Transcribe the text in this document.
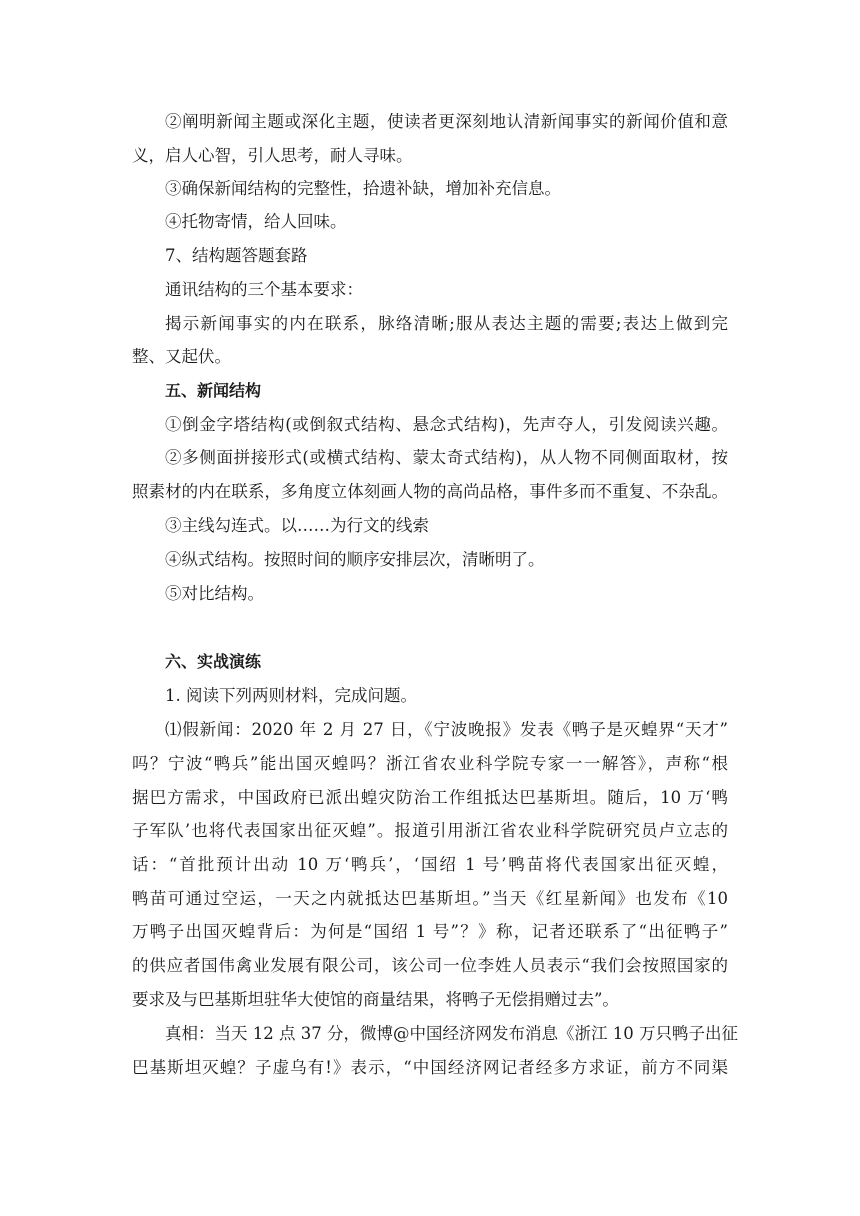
②阐明新闻主题或深化主题，使读者更深刻地认清新闻事实的新闻价值和意
义，启人心智，引人思考，耐人寻味。
③确保新闻结构的完整性，拾遗补缺，增加补充信息。
④托物寄情，给人回味。
7、结构题答题套路
通讯结构的三个基本要求：
揭示新闻事实的内在联系，脉络清晰;服从表达主题的需要;表达上做到完
整、又起伏。
五、新闻结构
①倒金字塔结构(或倒叙式结构、悬念式结构)，先声夺人，引发阅读兴趣。
②多侧面拼接形式(或横式结构、蒙太奇式结构)，从人物不同侧面取材，按
照素材的内在联系，多角度立体刻画人物的高尚品格，事件多而不重复、不杂乱。
③主线勾连式。以……为行文的线索
④纵式结构。按照时间的顺序安排层次，清晰明了。
⑤对比结构。
六、实战演练
1. 阅读下列两则材料，完成问题。
⑴假新闻：2020 年 2 月 27 日，《宁波晚报》发表《鸭子是灭蝗界“天才”
吗？宁波“鸭兵”能出国灭蝗吗？浙江省农业科学院专家一一解答》，声称“根
据巴方需求，中国政府已派出蝗灾防治工作组抵达巴基斯坦。随后，10 万‘鸭
子军队’也将代表国家出征灭蝗”。报道引用浙江省农业科学院研究员卢立志的
话：“首批预计出动 10 万‘鸭兵’，‘国绍 1 号’鸭苗将代表国家出征灭蝗，
鸭苗可通过空运，一天之内就抵达巴基斯坦。”当天《红星新闻》也发布《10
万鸭子出国灭蝗背后：为何是“国绍 1 号”？》称，记者还联系了“出征鸭子”
的供应者国伟禽业发展有限公司，该公司一位李姓人员表示“我们会按照国家的
要求及与巴基斯坦驻华大使馆的商量结果，将鸭子无偿捐赠过去”。
真相：当天 12 点 37 分，微博@中国经济网发布消息《浙江 10 万只鸭子出征
巴基斯坦灭蝗？子虚乌有!》表示，“中国经济网记者经多方求证，前方不同渠
